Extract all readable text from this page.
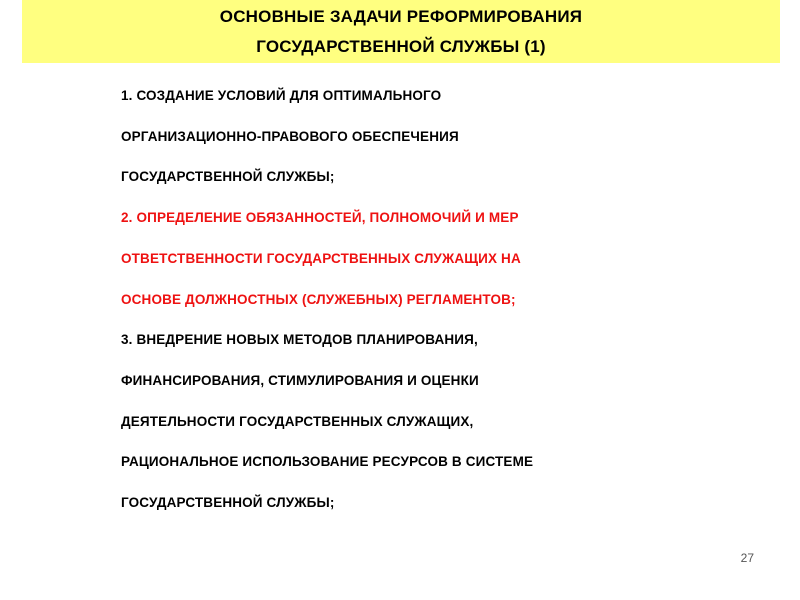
ОСНОВНЫЕ ЗАДАЧИ РЕФОРМИРОВАНИЯ
ГОСУДАРСТВЕННОЙ СЛУЖБЫ (1)
1. СОЗДАНИЕ УСЛОВИЙ ДЛЯ ОПТИМАЛЬНОГО
ОРГАНИЗАЦИОННО-ПРАВОВОГО ОБЕСПЕЧЕНИЯ
ГОСУДАРСТВЕННОЙ СЛУЖБЫ;
2. ОПРЕДЕЛЕНИЕ ОБЯЗАННОСТЕЙ, ПОЛНОМОЧИЙ И МЕР
ОТВЕТСТВЕННОСТИ ГОСУДАРСТВЕННЫХ СЛУЖАЩИХ НА
ОСНОВЕ ДОЛЖНОСТНЫХ (СЛУЖЕБНЫХ) РЕГЛАМЕНТОВ;
3. ВНЕДРЕНИЕ НОВЫХ МЕТОДОВ ПЛАНИРОВАНИЯ,
ФИНАНСИРОВАНИЯ, СТИМУЛИРОВАНИЯ И ОЦЕНКИ
ДЕЯТЕЛЬНОСТИ ГОСУДАРСТВЕННЫХ СЛУЖАЩИХ,
РАЦИОНАЛЬНОЕ ИСПОЛЬЗОВАНИЕ РЕСУРСОВ В СИСТЕМЕ
ГОСУДАРСТВЕННОЙ СЛУЖБЫ;
27
